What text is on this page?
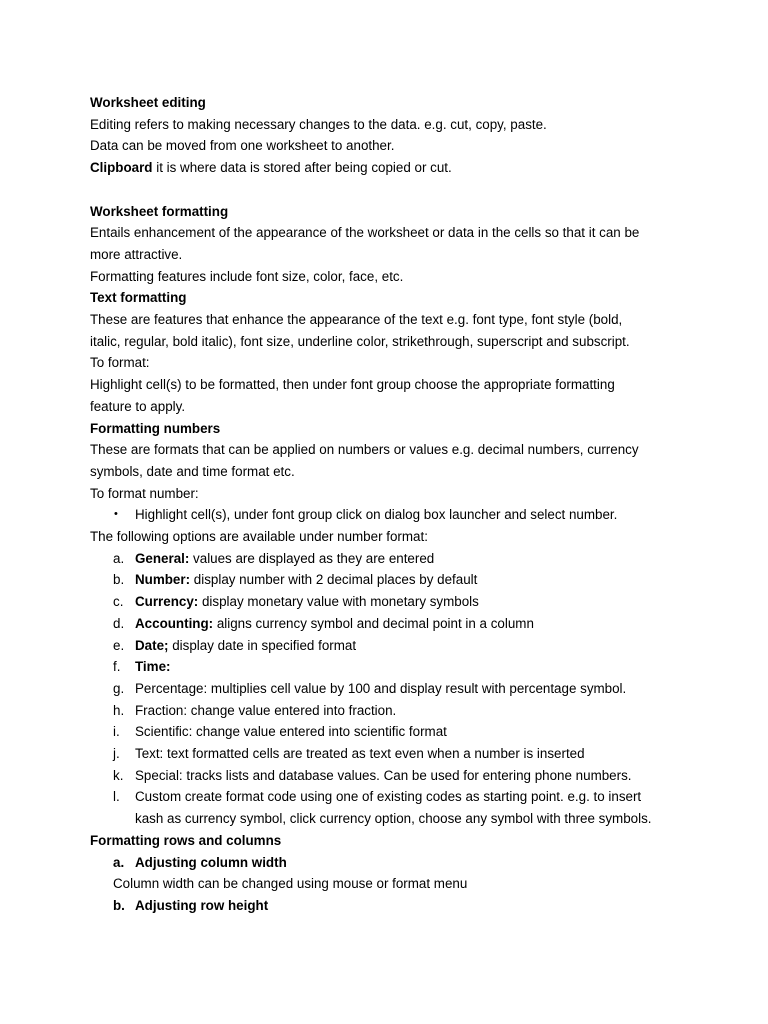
Worksheet editing

Editing refers to making necessary changes to the data. e.g. cut, copy, paste.

Data can be moved from one worksheet to another.

Clipboard it is where data is stored after being copied or cut.

Worksheet formatting

Entails enhancement of the appearance of the worksheet or data in the cells so that it can be

more attractive.

Formatting features include font size, color, face, etc.

Text formatting

These are features that enhance the appearance of the text e.g. font type, font style (bold,

italic, regular, bold italic), font size, underline color, strikethrough, superscript and subscript.

To format:

Highlight cell(s) to be formatted, then under font group choose the appropriate formatting

feature to apply.

Formatting numbers

These are formats that can be applied on numbers or values e.g. decimal numbers, currency

symbols, date and time format etc.

To format number:

• Highlight cell(s), under font group click on dialog box launcher and select number.

The following options are available under number format:

a. General: values are displayed as they are entered

b. Number: display number with 2 decimal places by default

c. Currency: display monetary value with monetary symbols

d. Accounting: aligns currency symbol and decimal point in a column

e. Date; display date in specified format

f. Time:

g. Percentage: multiplies cell value by 100 and display result with percentage symbol.

h. Fraction: change value entered into fraction.

i. Scientific: change value entered into scientific format

j. Text: text formatted cells are treated as text even when a number is inserted

k. Special: tracks lists and database values. Can be used for entering phone numbers.

l. Custom create format code using one of existing codes as starting point. e.g. to insert

kash as currency symbol, click currency option, choose any symbol with three symbols.

Formatting rows and columns

a. Adjusting column width

Column width can be changed using mouse or format menu

b. Adjusting row height
